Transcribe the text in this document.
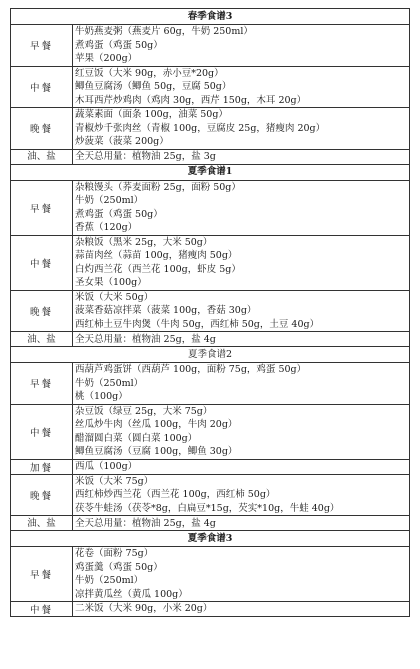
春季食谱3	
早餐	牛奶燕麦粥（燕麦片 60g，牛奶 250ml）
煮鸡蛋（鸡蛋 50g）
苹果（200g）

中餐	红豆饭（大米 90g，赤小豆*20g）
鲫鱼豆腐汤（鲫鱼 50g，豆腐 50g）
木耳西芹炒鸡肉（鸡肉 30g，西芹 150g，木耳 20g）

晚餐	蔬菜素面（面条 100g，油菜 50g）
青椒炒千张肉丝（青椒 100g，豆腐皮 25g，猪瘦肉 20g）
炒菠菜（菠菜 200g）

油、盐	全天总用量：植物油 25g，盐 3g

夏季食谱1	
早餐	杂粮馒头（荞麦面粉 25g，面粉 50g）
牛奶（250ml）
煮鸡蛋（鸡蛋 50g）
香蕉（120g）

中餐	杂粮饭（黑米 25g，大米 50g）
蒜苗肉丝（蒜苗 100g，猪瘦肉 50g）
白灼西兰花（西兰花 100g，虾皮 5g）
圣女果（100g）

晚餐	米饭（大米 50g）
菠菜香菇凉拌菜（菠菜 100g，香菇 30g）
西红柿土豆牛肉煲（牛肉 50g，西红柿 50g，土豆 40g）

油、盐	全天总用量：植物油 25g，盐 4g

夏季食谱2	
早餐	西葫芦鸡蛋饼（西葫芦 100g，面粉 75g，鸡蛋 50g）
牛奶（250ml）
桃（100g）

中餐	杂豆饭（绿豆 25g，大米 75g）
丝瓜炒牛肉（丝瓜 100g，牛肉 20g）
醋溜圆白菜（圆白菜 100g）
鲫鱼豆腐汤（豆腐 100g，鲫鱼 30g）

加餐	西瓜（100g）

晚餐	米饭（大米 75g）
西红柿炒西兰花（西兰花 100g，西红柿 50g）
茯苓牛蛙汤（茯苓*8g，白扁豆*15g，芡实*10g，牛蛙 40g）

油、盐	全天总用量：植物油 25g，盐 4g

夏季食谱3	
早餐	花卷（面粉 75g）
鸡蛋羹（鸡蛋 50g）
牛奶（250ml）
凉拌黄瓜丝（黄瓜 100g）

中餐	二米饭（大米 90g，小米 20g）
